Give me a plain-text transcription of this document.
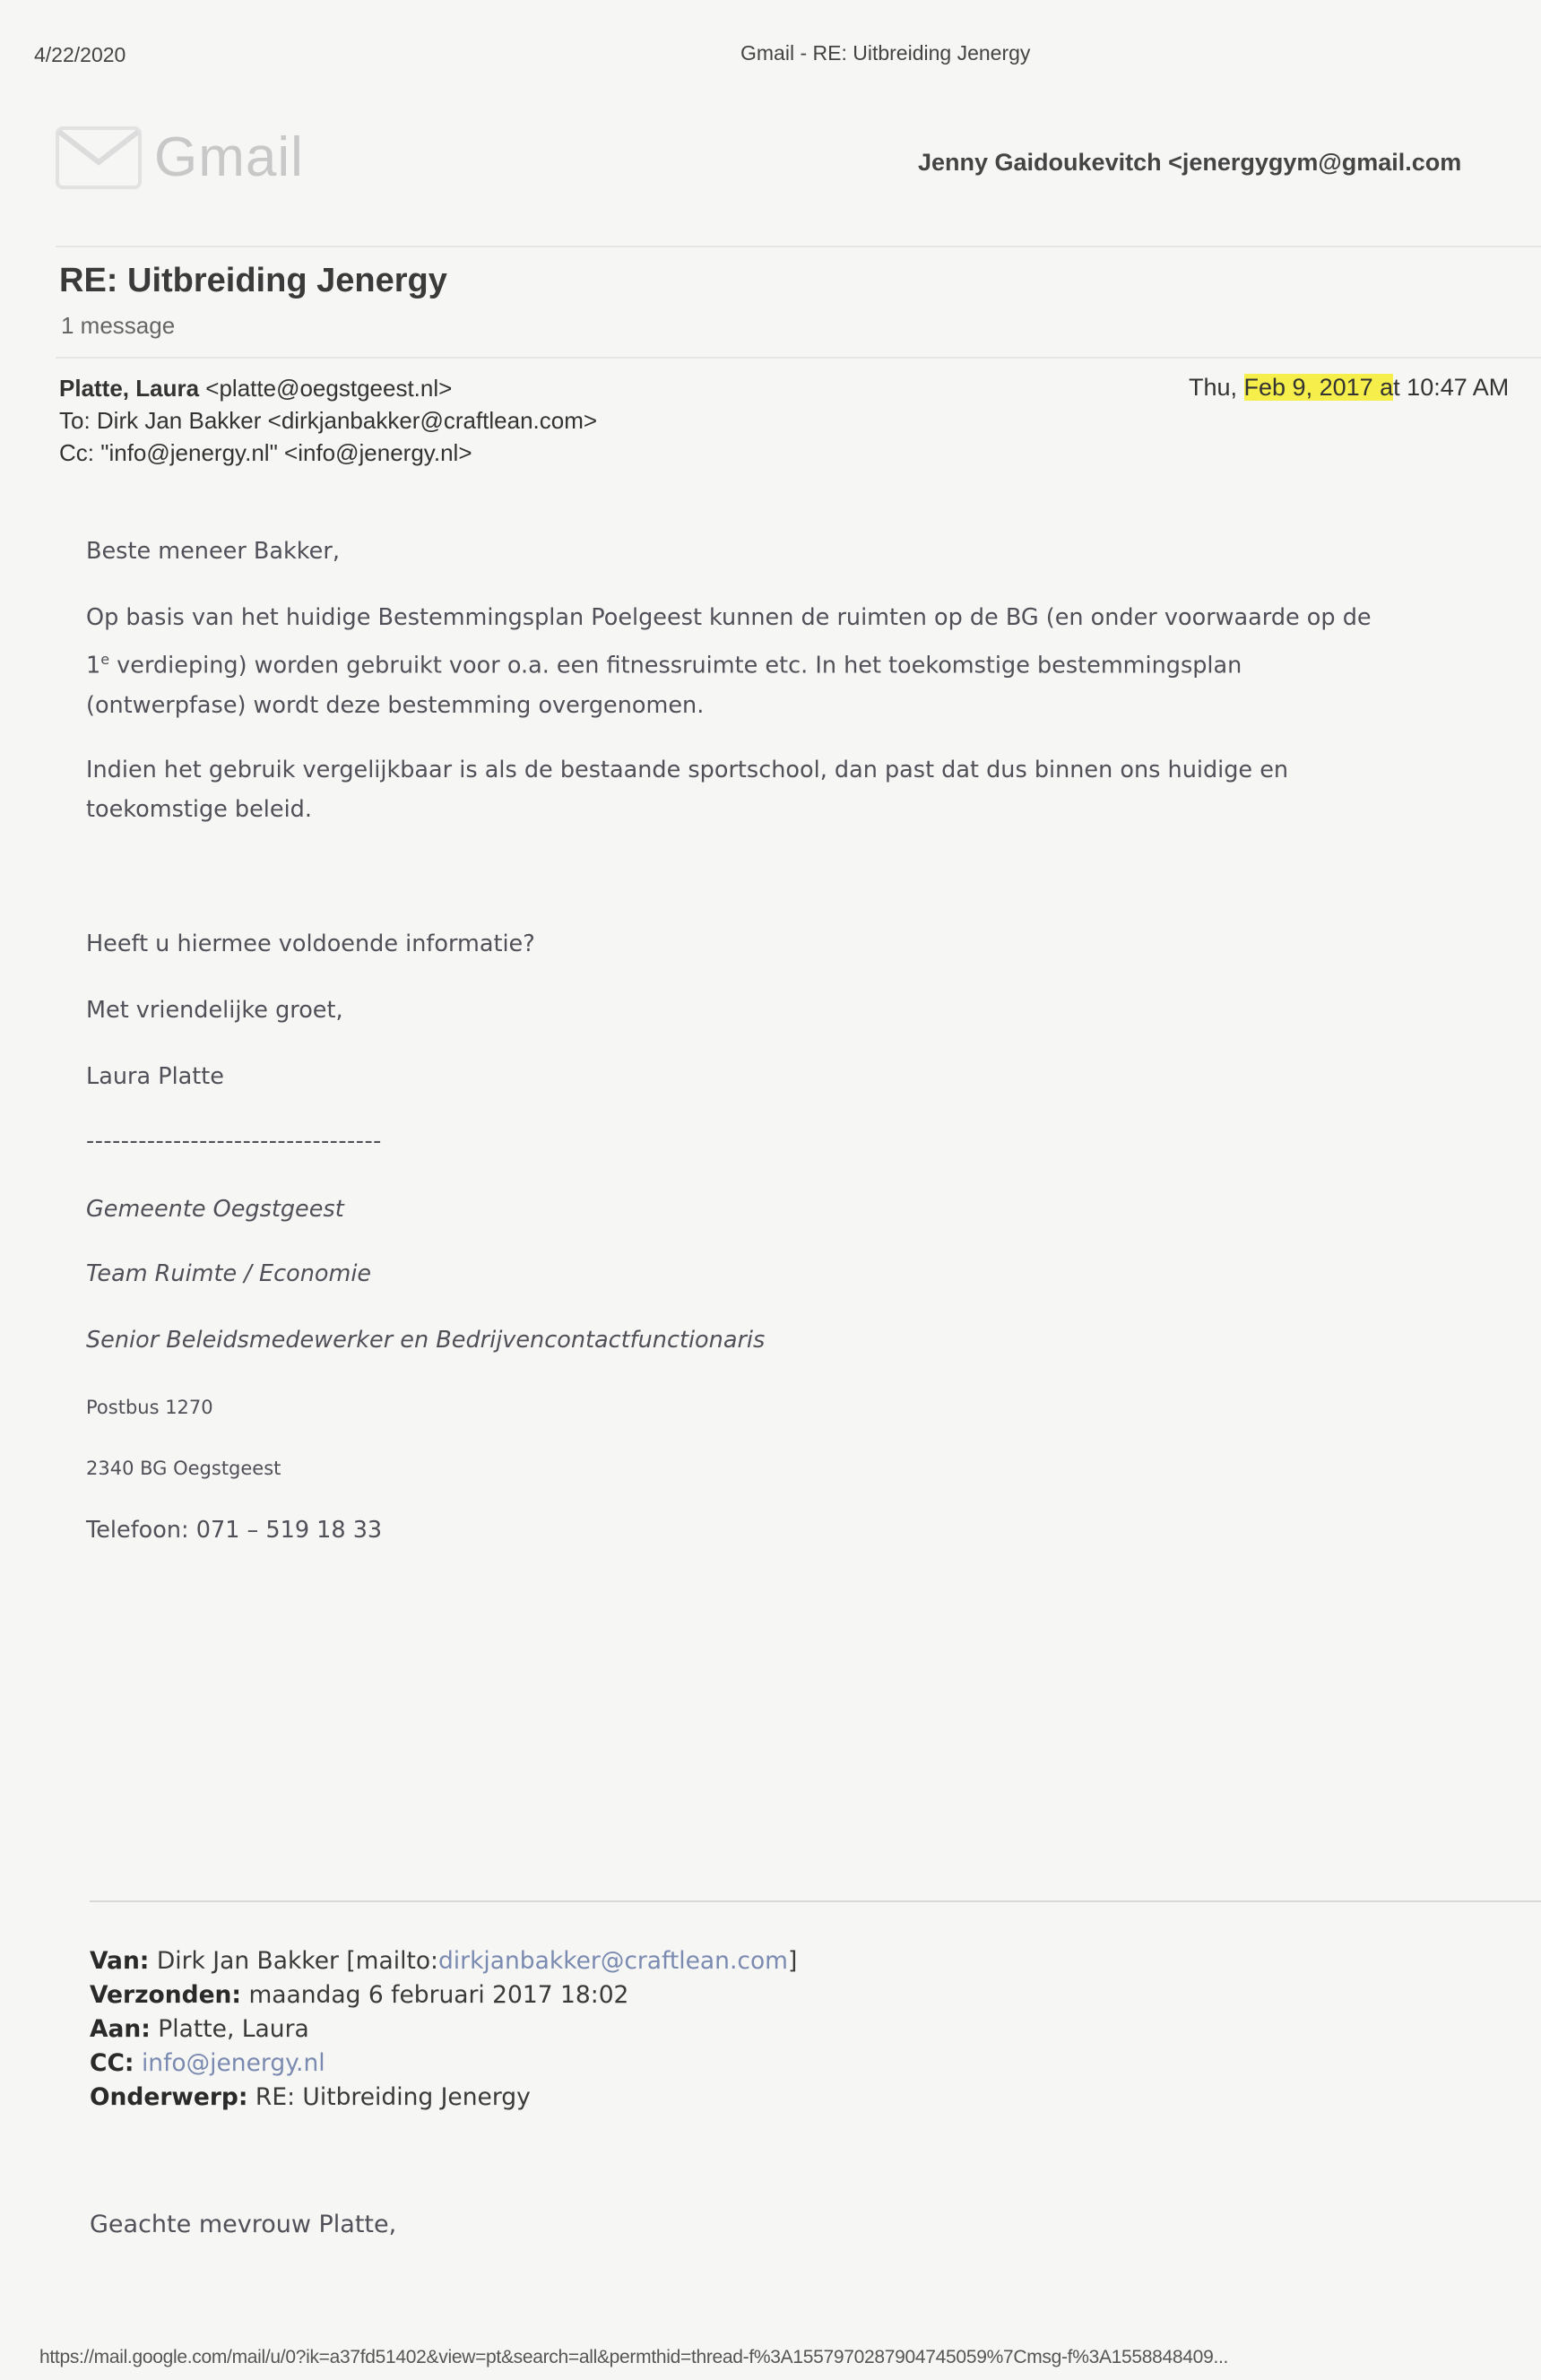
4/22/2020	Gmail - RE: Uitbreiding Jenergy
Gmail	Jenny Gaidoukevitch <jenergygym@gmail.com
RE: Uitbreiding Jenergy
1 message
Platte, Laura <platte@oegstgeest.nl>
To: Dirk Jan Bakker <dirkjanbakker@craftlean.com>
Cc: "info@jenergy.nl" <info@jenergy.nl>
Thu, Feb 9, 2017 at 10:47 AM
Beste meneer Bakker,
Op basis van het huidige Bestemmingsplan Poelgeest kunnen de ruimten op de BG (en onder voorwaarde op de
1e verdieping) worden gebruikt voor o.a. een fitnessruimte etc. In het toekomstige bestemmingsplan
(ontwerpfase) wordt deze bestemming overgenomen.
Indien het gebruik vergelijkbaar is als de bestaande sportschool, dan past dat dus binnen ons huidige en
toekomstige beleid.
Heeft u hiermee voldoende informatie?
Met vriendelijke groet,
Laura Platte
----------------------------------
Gemeente Oegstgeest
Team Ruimte / Economie
Senior Beleidsmedewerker en Bedrijvencontactfunctionaris
Postbus 1270
2340 BG Oegstgeest
Telefoon: 071 – 519 18 33
Van: Dirk Jan Bakker [mailto:dirkjanbakker@craftlean.com]
Verzonden: maandag 6 februari 2017 18:02
Aan: Platte, Laura
CC: info@jenergy.nl
Onderwerp: RE: Uitbreiding Jenergy
Geachte mevrouw Platte,
https://mail.google.com/mail/u/0?ik=a37fd51402&view=pt&search=all&permthid=thread-f%3A1557970287904745059%7Cmsg-f%3A1558848409...
